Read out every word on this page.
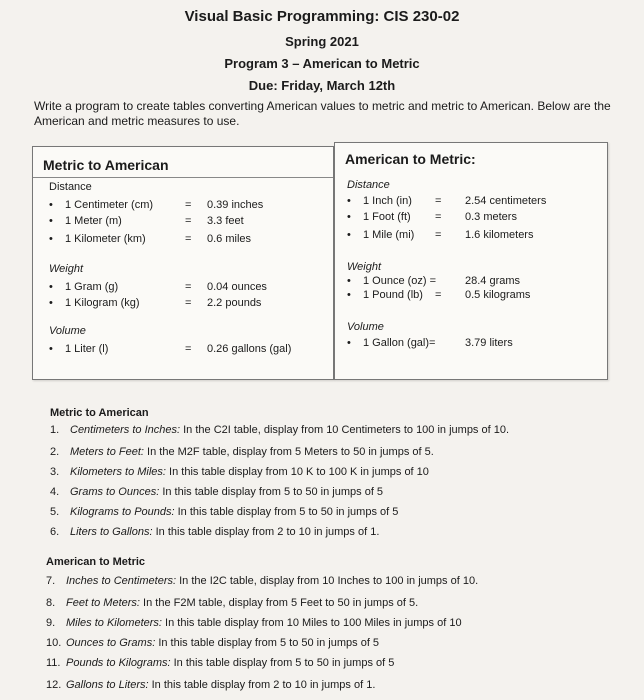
Visual Basic Programming: CIS 230-02
Spring 2021
Program 3 – American to Metric
Due: Friday, March 12th
Write a program to create tables converting American values to metric and metric to American. Below are the American and metric measures to use.
Metric to American
Distance
• 1 Centimeter (cm)	= 0.39 inches
• 1 Meter (m)	= 3.3 feet
• 1 Kilometer (km)	= 0.6 miles
Weight
• 1 Gram (g)	= 0.04 ounces
• 1 Kilogram (kg)	= 2.2 pounds
Volume
• 1 Liter (l)	= 0.26 gallons (gal)
American to Metric:
Distance
• 1 Inch (in) = 2.54 centimeters
• 1 Foot (ft) = 0.3 meters
• 1 Mile (mi) = 1.6 kilometers
Weight
• 1 Ounce (oz) =	28.4 grams
• 1 Pound (lb) = 0.5 kilograms
Volume
• 1 Gallon (gal)=	3.79 liters
Metric to American
1. Centimeters to Inches: In the C2I table, display from 10 Centimeters to 100 in jumps of 10.
2. Meters to Feet: In the M2F table, display from 5 Meters to 50 in jumps of 5.
3. Kilometers to Miles: In this table display from 10 K to 100 K in jumps of 10
4. Grams to Ounces: In this table display from 5 to 50 in jumps of 5
5. Kilograms to Pounds: In this table display from 5 to 50 in jumps of 5
6. Liters to Gallons: In this table display from 2 to 10 in jumps of 1.
American to Metric
7. Inches to Centimeters: In the I2C table, display from 10 Inches to 100 in jumps of 10.
8. Feet to Meters: In the F2M table, display from 5 Feet to 50 in jumps of 5.
9. Miles to Kilometers: In this table display from 10 Miles to 100 Miles in jumps of 10
10. Ounces to Grams: In this table display from 5 to 50 in jumps of 5
11. Pounds to Kilograms: In this table display from 5 to 50 in jumps of 5
12. Gallons to Liters: In this table display from 2 to 10 in jumps of 1.
